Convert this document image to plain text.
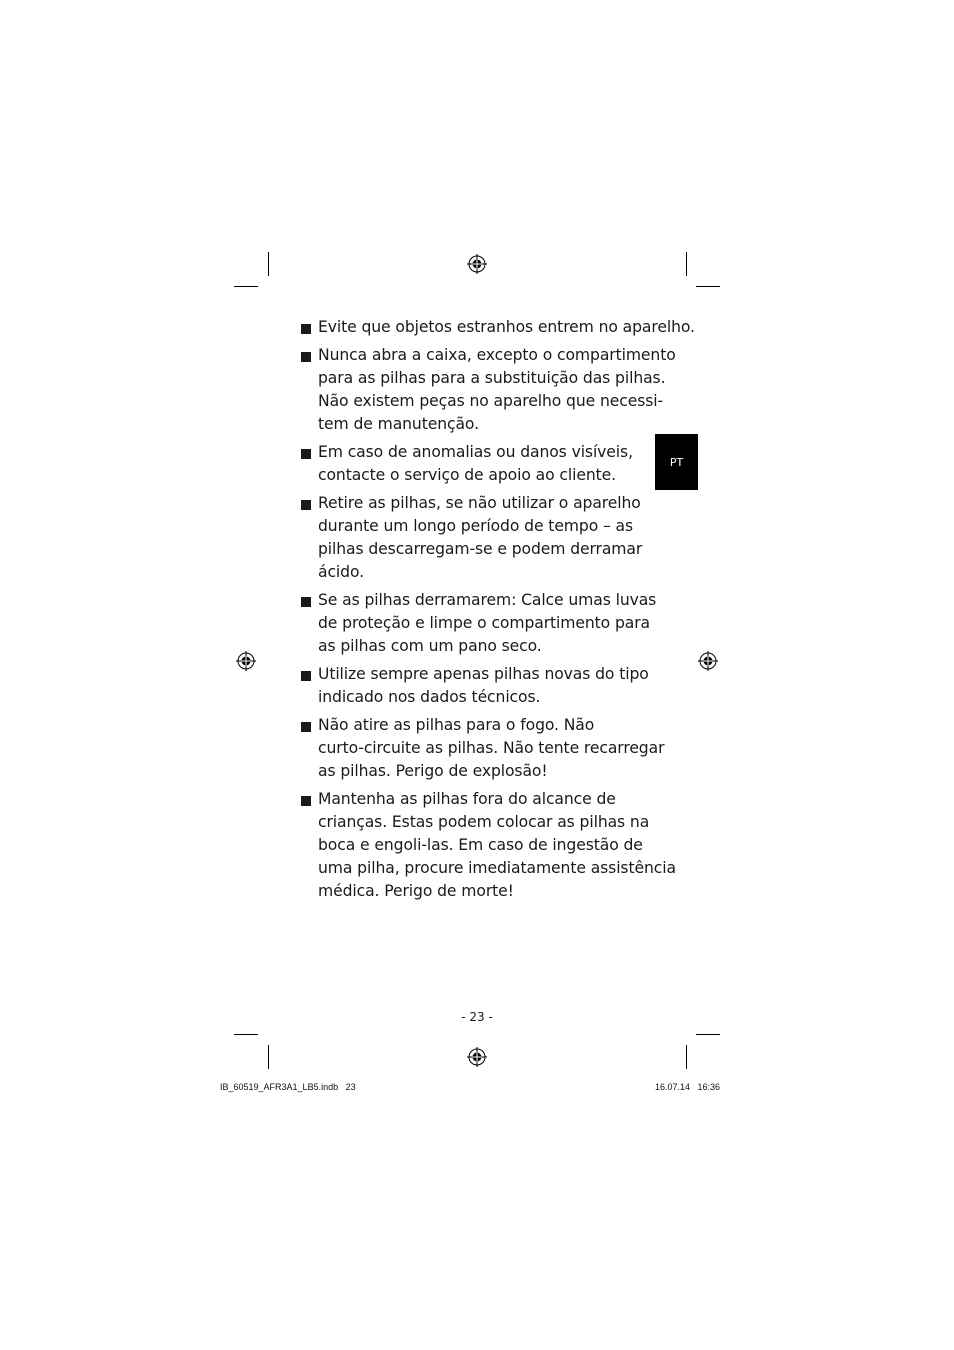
PT
Evite que objetos estranhos entrem no aparelho.
Nunca abra a caixa, excepto o compartimento
para as pilhas para a substituição das pilhas.
Não existem peças no aparelho que necessi-
tem de manutenção.
Em caso de anomalias ou danos visíveis,
contacte o serviço de apoio ao cliente.
Retire as pilhas, se não utilizar o aparelho
durante um longo período de tempo – as
pilhas descarregam-se e podem derramar
ácido.
Se as pilhas derramarem: Calce umas luvas
de proteção e limpe o compartimento para
as pilhas com um pano seco.
Utilize sempre apenas pilhas novas do tipo
indicado nos dados técnicos.
Não atire as pilhas para o fogo. Não
curto-circuite as pilhas. Não tente recarregar
as pilhas. Perigo de explosão!
Mantenha as pilhas fora do alcance de
crianças. Estas podem colocar as pilhas na
boca e engoli-las. Em caso de ingestão de
uma pilha, procure imediatamente assistência
médica. Perigo de morte!
- 23 -
IB_60519_AFR3A1_LB5.indb   23	16.07.14   16:36
